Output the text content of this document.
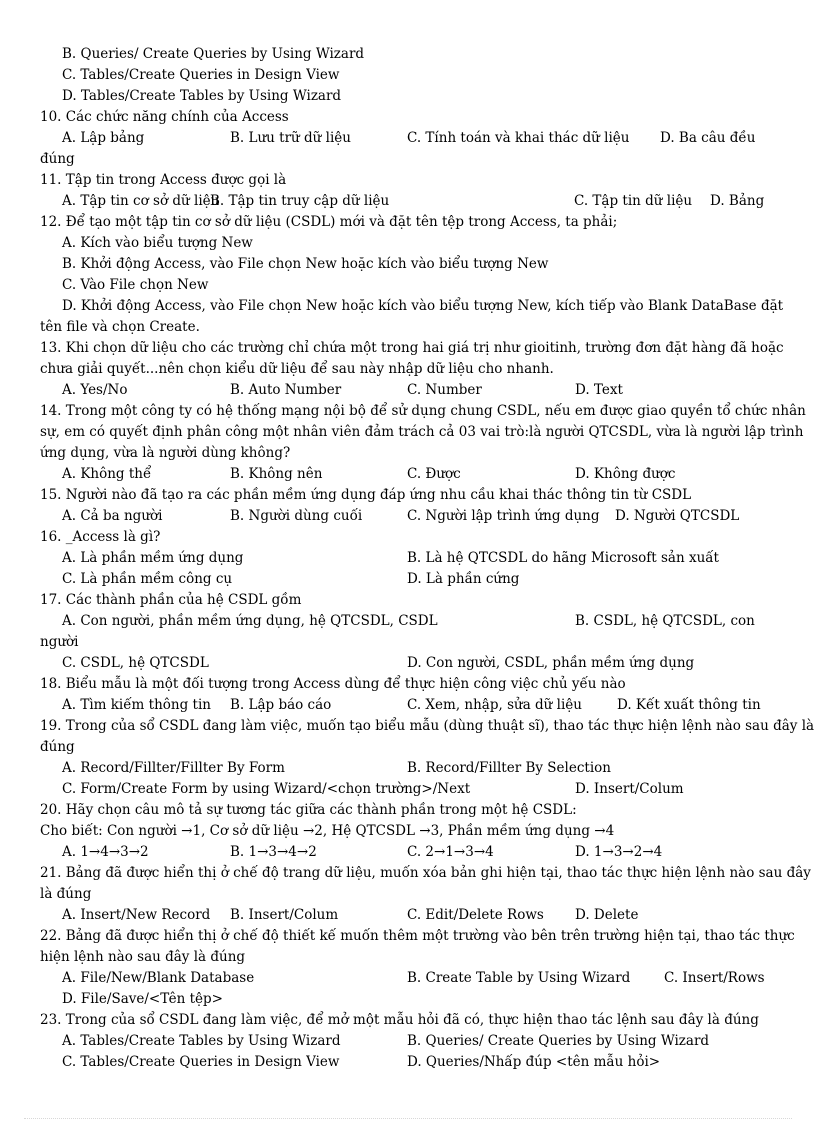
B. Queries/ Create Queries by Using Wizard
C. Tables/Create Queries in Design View
D. Tables/Create Tables by Using Wizard
10. Các chức năng chính của Access
A. Lập bảng	B. Lưu trữ dữ liệu	C. Tính toán và khai thác dữ liệu D. Ba câu đều
đúng
11. Tập tin trong Access được gọi là
A. Tập tin cơ sở dữ liệu
B. Tập tin truy cập dữ liệu	C. Tập tin dữ liệu D. Bảng
12. Để tạo một tập tin cơ sở dữ liệu (CSDL) mới và đặt tên tệp trong Access, ta phải;
A. Kích vào biểu tượng New
B. Khởi động Access, vào File chọn New hoặc kích vào biểu tượng New
C. Vào File chọn New
D. Khởi động Access, vào File chọn New hoặc kích vào biểu tượng New, kích tiếp vào Blank DataBase đặt
tên file và chọn Create.
13. Khi chọn dữ liệu cho các trường chỉ chứa một trong hai giá trị như gioitinh, trường đơn đặt hàng đã hoặc
chưa giải quyết...nên chọn kiểu dữ liệu để sau này nhập dữ liệu cho nhanh.
A. Yes/No	B. Auto Number	C. Number	D. Text
14. Trong một công ty có hệ thống mạng nội bộ để sử dụng chung CSDL, nếu em được giao quyền tổ chức nhân
sự, em có quyết định phân công một nhân viên đảm trách cả 03 vai trò:là người QTCSDL, vừa là người lập trình
ứng dụng, vừa là người dùng không?
A. Không thể	B. Không nên	C. Được	D. Không được
15. Người nào đã tạo ra các phần mềm ứng dụng đáp ứng nhu cầu khai thác thông tin từ CSDL
A. Cả ba người	B. Người dùng cuối	C. Người lập trình ứng dụng D. Người QTCSDL
16. _Access là gì?
A. Là phần mềm ứng dụng	B. Là hệ QTCSDL do hãng Microsoft sản xuất
C. Là phần mềm công cụ	D. Là phần cứng
17. Các thành phần của hệ CSDL gồm
A. Con người, phần mềm ứng dụng, hệ QTCSDL, CSDL	B. CSDL, hệ QTCSDL, con
người
C. CSDL, hệ QTCSDL	D. Con người, CSDL, phần mềm ứng dụng
18. Biểu mẫu là một đối tượng trong Access dùng để thực hiện công việc chủ yếu nào
A. Tìm kiếm thông tin B. Lập báo cáo	C. Xem, nhập, sửa dữ liệu	D. Kết xuất thông tin
19. Trong của sổ CSDL đang làm việc, muốn tạo biểu mẫu (dùng thuật sĩ), thao tác thực hiện lệnh nào sau đây là
đúng
A. Record/Fillter/Fillter By Form	B. Record/Fillter By Selection
C. Form/Create Form by using Wizard/<chọn trường>/Next	D. Insert/Colum
20. Hãy chọn câu mô tả sự tương tác giữa các thành phần trong một hệ CSDL:
Cho biết: Con người →1, Cơ sở dữ liệu →2, Hệ QTCSDL →3, Phần mềm ứng dụng →4
A. 1→4→3→2	B. 1→3→4→2	C. 2→1→3→4	D. 1→3→2→4
21. Bảng đã được hiển thị ở chế độ trang dữ liệu, muốn xóa bản ghi hiện tại, thao tác thực hiện lệnh nào sau đây
là đúng
A. Insert/New Record B. Insert/Colum	C. Edit/Delete Rows D. Delete
22. Bảng đã được hiển thị ở chế độ thiết kế muốn thêm một trường vào bên trên trường hiện tại, thao tác thực
hiện lệnh nào sau đây là đúng
A. File/New/Blank Database	B. Create Table by Using Wizard C. Insert/Rows
D. File/Save/<Tên tệp>
23. Trong của sổ CSDL đang làm việc, để mở một mẫu hỏi đã có, thực hiện thao tác lệnh sau đây là đúng
A. Tables/Create Tables by Using Wizard	B. Queries/ Create Queries by Using Wizard
C. Tables/Create Queries in Design View	D. Queries/Nhấp đúp <tên mẫu hỏi>
